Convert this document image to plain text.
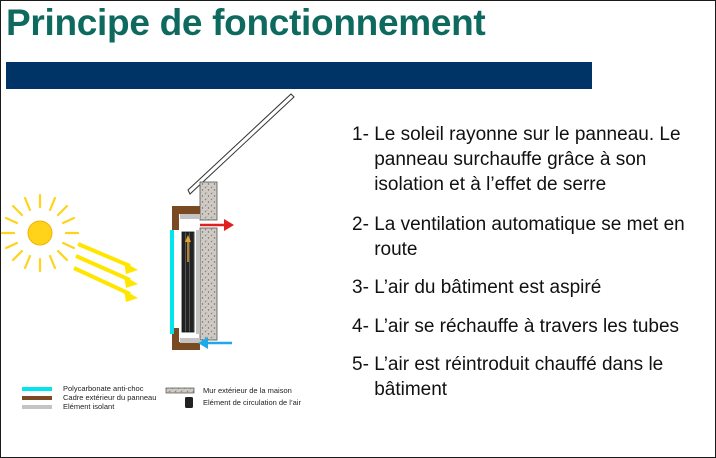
Principe de fonctionnement
Polycarbonate anti-choc
Cadre extérieur du panneau
Elément isolant
Mur extérieur de la maison
Elément de circulation de l’air
1-
Le soleil rayonne sur le panneau. Le panneau surchauffe grâce à son isolation et à l’effet de serre
2-
La ventilation automatique se met en route
3-
L’air du bâtiment est aspiré
4-
L’air se réchauffe à travers les tubes
5-
L’air est réintroduit chauffé dans le bâtiment
